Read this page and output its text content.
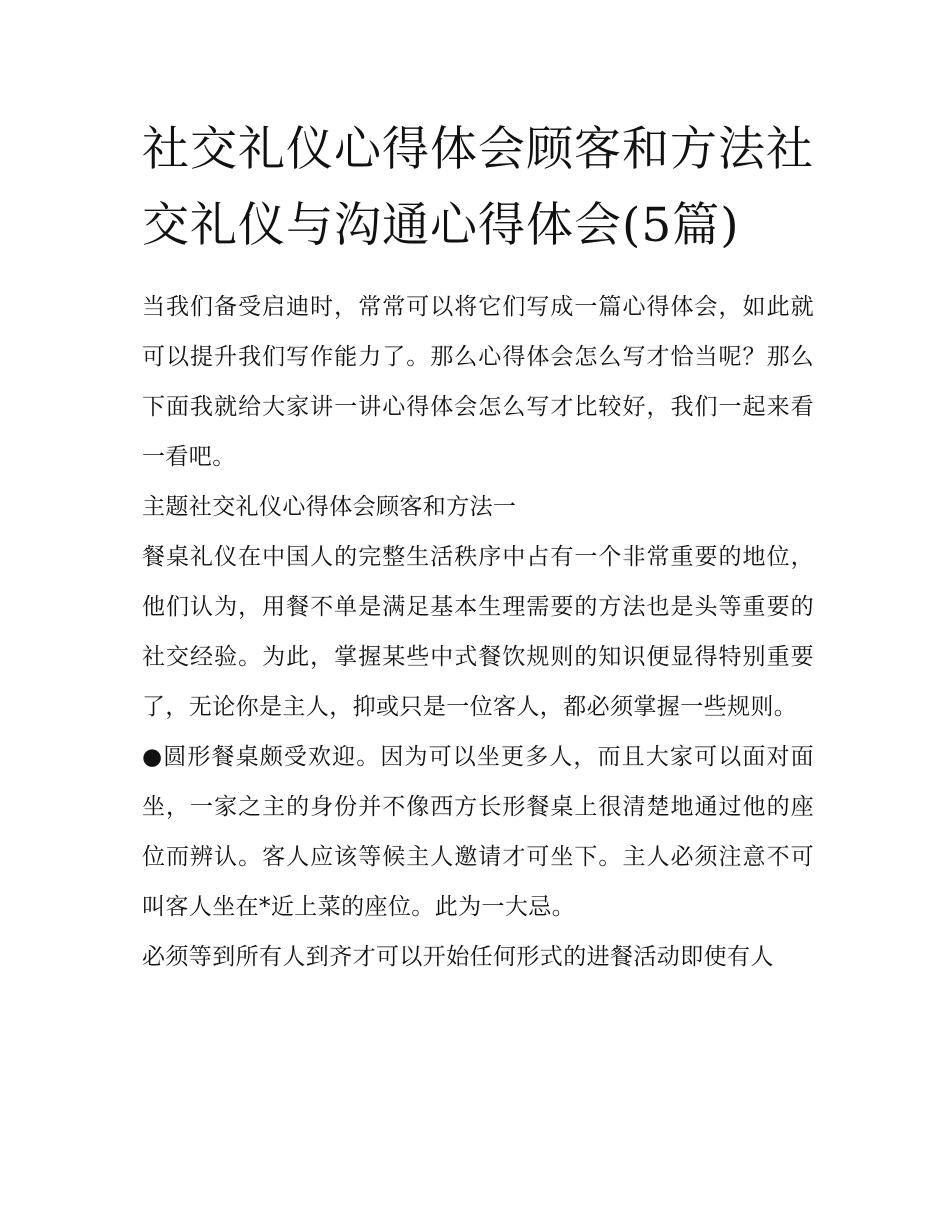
社交礼仪心得体会顾客和方法社交礼仪与沟通心得体会(5篇)

当我们备受启迪时，常常可以将它们写成一篇心得体会，如此就可以提升我们写作能力了。那么心得体会怎么写才恰当呢？那么下面我就给大家讲一讲心得体会怎么写才比较好，我们一起来看一看吧。

主题社交礼仪心得体会顾客和方法一

餐桌礼仪在中国人的完整生活秩序中占有一个非常重要的地位，他们认为，用餐不单是满足基本生理需要的方法也是头等重要的社交经验。为此，掌握某些中式餐饮规则的知识便显得特别重要了，无论你是主人，抑或只是一位客人，都必须掌握一些规则。

●圆形餐桌颇受欢迎。因为可以坐更多人，而且大家可以面对面坐，一家之主的身份并不像西方长形餐桌上很清楚地通过他的座位而辨认。客人应该等候主人邀请才可坐下。主人必须注意不可叫客人坐在*近上菜的座位。此为一大忌。

必须等到所有人到齐才可以开始任何形式的进餐活动即使有人
